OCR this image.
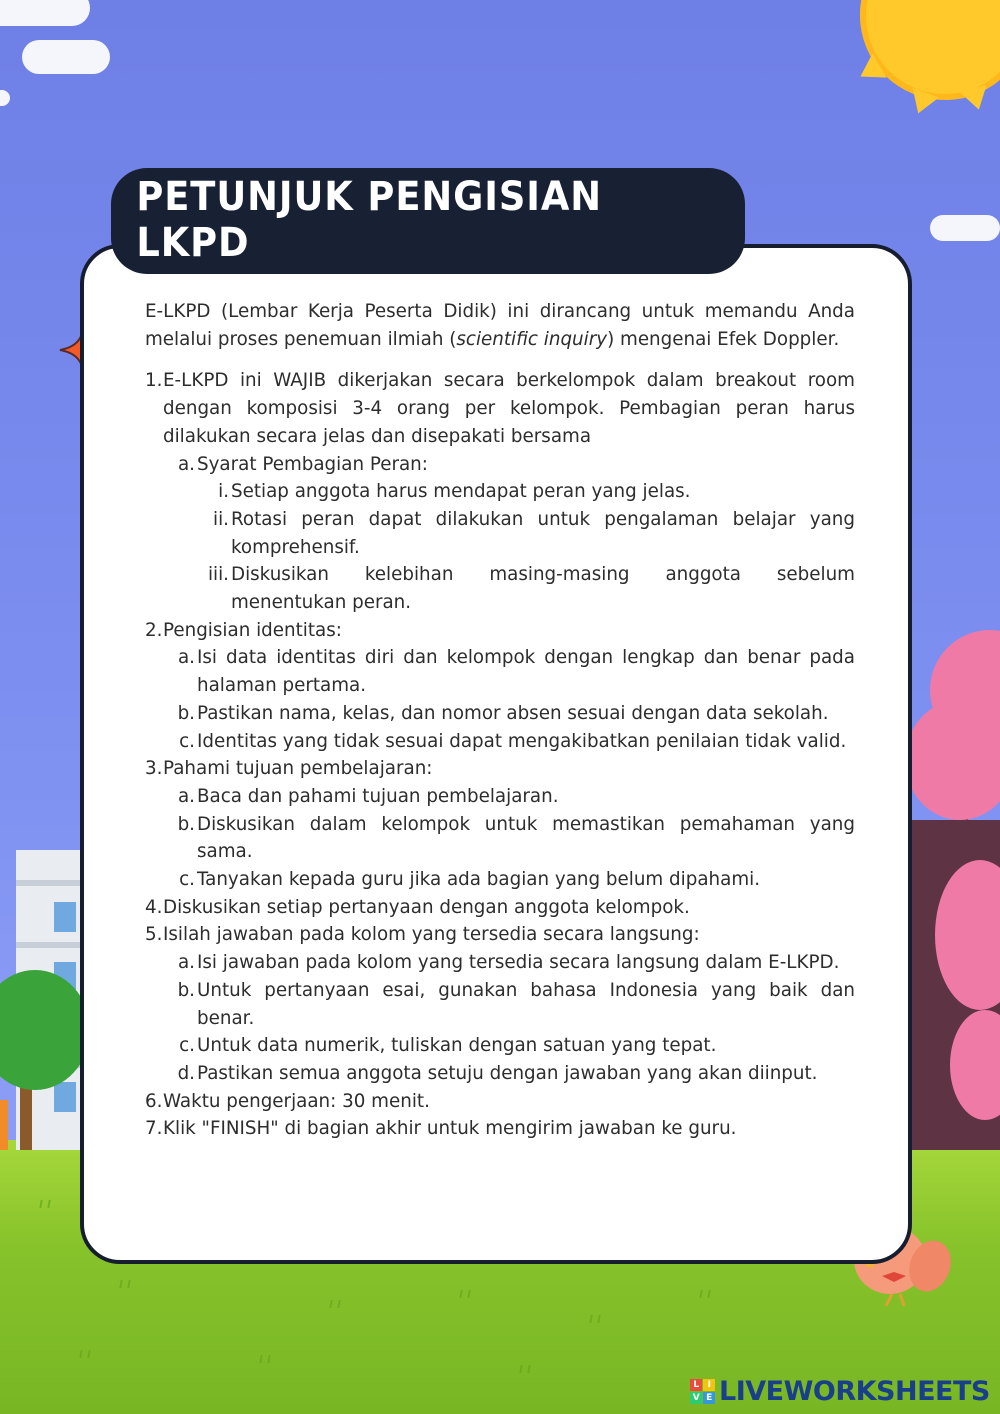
PETUNJUK PENGISIAN LKPD

E-LKPD (Lembar Kerja Peserta Didik) ini dirancang untuk memandu Anda melalui proses penemuan ilmiah (scientific inquiry) mengenai Efek Doppler.

1. E-LKPD ini WAJIB dikerjakan secara berkelompok dalam breakout room dengan komposisi 3-4 orang per kelompok. Pembagian peran harus dilakukan secara jelas dan disepakati bersama
a. Syarat Pembagian Peran:
i. Setiap anggota harus mendapat peran yang jelas.
ii. Rotasi peran dapat dilakukan untuk pengalaman belajar yang komprehensif.
iii. Diskusikan kelebihan masing-masing anggota sebelum menentukan peran.
2. Pengisian identitas:
a. Isi data identitas diri dan kelompok dengan lengkap dan benar pada halaman pertama.
b. Pastikan nama, kelas, dan nomor absen sesuai dengan data sekolah.
c. Identitas yang tidak sesuai dapat mengakibatkan penilaian tidak valid.
3. Pahami tujuan pembelajaran:
a. Baca dan pahami tujuan pembelajaran.
b. Diskusikan dalam kelompok untuk memastikan pemahaman yang sama.
c. Tanyakan kepada guru jika ada bagian yang belum dipahami.
4. Diskusikan setiap pertanyaan dengan anggota kelompok.
5. Isilah jawaban pada kolom yang tersedia secara langsung:
a. Isi jawaban pada kolom yang tersedia secara langsung dalam E-LKPD.
b. Untuk pertanyaan esai, gunakan bahasa Indonesia yang baik dan benar.
c. Untuk data numerik, tuliskan dengan satuan yang tepat.
d. Pastikan semua anggota setuju dengan jawaban yang akan diinput.
6. Waktu pengerjaan: 30 menit.
7. Klik "FINISH" di bagian akhir untuk mengirim jawaban ke guru.
L I
V E LIVEWORKSHEETS
